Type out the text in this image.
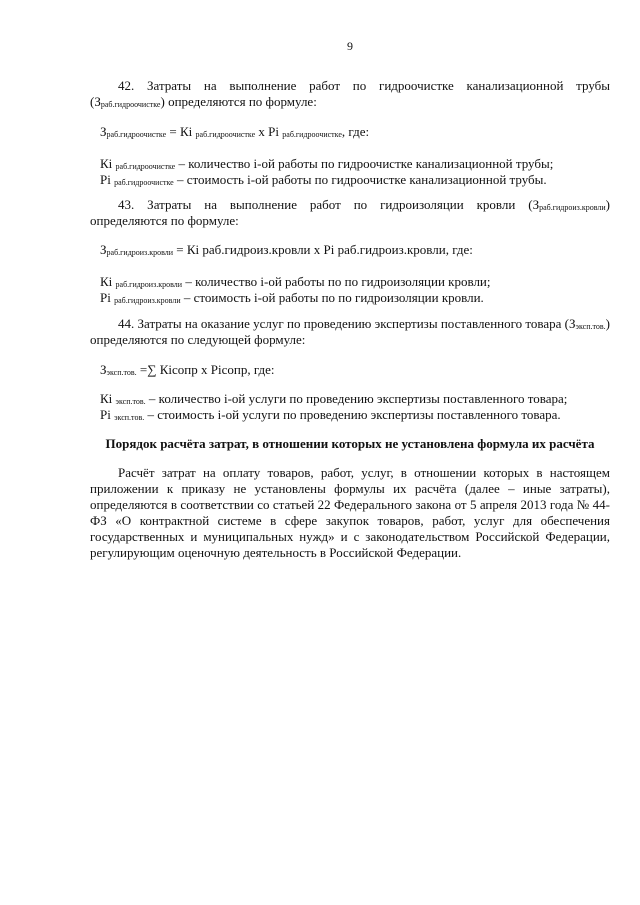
9

42. Затраты на выполнение работ по гидроочистке канализационной трубы $(З_{раб.гидроочистке})$ определяются по формуле:

$З_{раб.гидроочистке}$ = Кі $_{раб.гидроочистке}$ х Рі $_{раб.гидроочистке}$, где:

Кі $_{раб.гидроочистке}$ – количество і-ой работы по гидроочистке канализационной трубы;

Рі $_{раб.гидроочистке}$ – стоимость і-ой работы по гидроочистке канализационной трубы.

43. Затраты на выполнение работ по гидроизоляции кровли $(З_{раб.гидроиз.кровли})$ определяются по формуле:

$З_{раб.гидроиз.кровли}$ = Кі раб.гидроиз.кровли х Рі раб.гидроиз.кровли, где:

Кі $_{раб.гидроиз.кровли}$ – количество і-ой работы по по гидроизоляции кровли;

Рі $_{раб.гидроиз.кровли}$ – стоимость і-ой работы по по гидроизоляции кровли.

44. Затраты на оказание услуг по проведению экспертизы поставленного товара $(З_{эксп.тов.})$ определяются по следующей формуле:

$З_{эксп.тов.}$ =∑ Кісопр х Рісопр, где:

Кі $_{эксп.тов.}$ – количество і-ой услуги по проведению экспертизы поставленного товара;

Рі $_{эксп.тов.}$ – стоимость і-ой услуги по проведению экспертизы поставленного товара.

Порядок расчёта затрат, в отношении которых не установлена формула их расчёта

Расчёт затрат на оплату товаров, работ, услуг, в отношении которых в настоящем приложении к приказу не установлены формулы их расчёта (далее – иные затраты), определяются в соответствии со статьей 22 Федерального закона от 5 апреля 2013 года № 44-ФЗ «О контрактной системе в сфере закупок товаров, работ, услуг для обеспечения государственных и муниципальных нужд» и с законодательством Российской Федерации, регулирующим оценочную деятельность в Российской Федерации.
